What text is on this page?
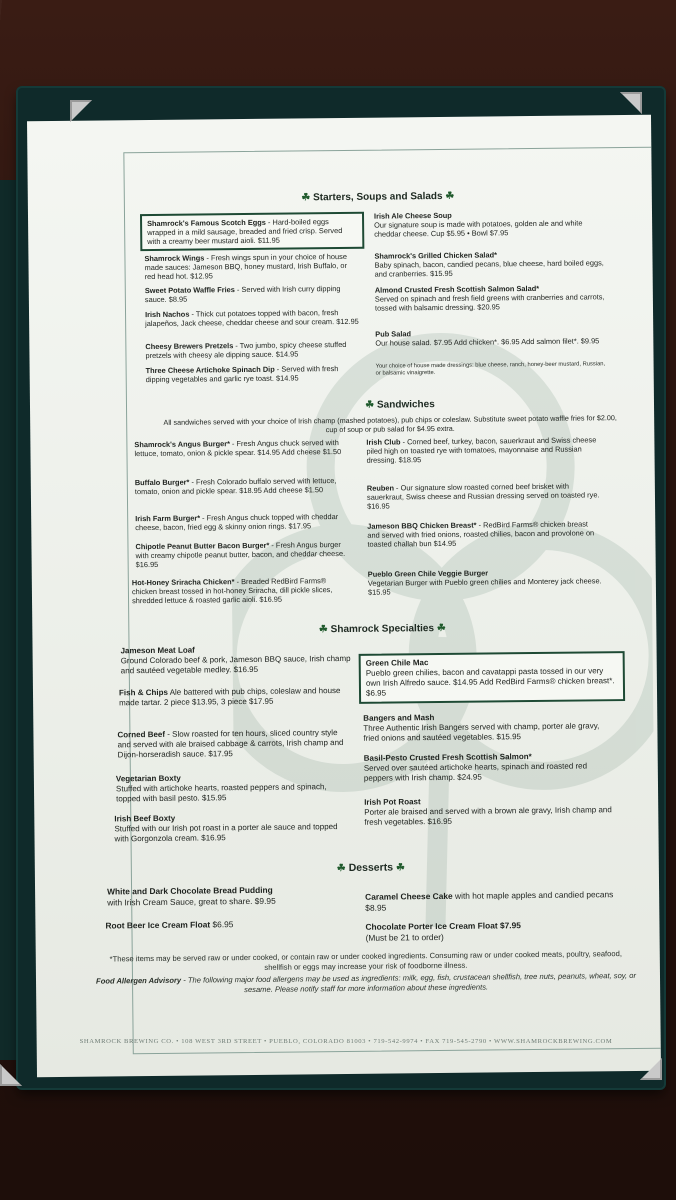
☘ Starters, Soups and Salads ☘
Shamrock's Famous Scotch Eggs - Hard-boiled eggs wrapped in a mild sausage, breaded and fried crisp. Served with a creamy beer mustard aioli. $11.95
Shamrock Wings - Fresh wings spun in your choice of house made sauces: Jameson BBQ, honey mustard, Irish Buffalo, or red head hot. $12.95
Sweet Potato Waffle Fries - Served with Irish curry dipping sauce. $8.95
Irish Nachos - Thick cut potatoes topped with bacon, fresh jalapeños, Jack cheese, cheddar cheese and sour cream. $12.95
Cheesy Brewers Pretzels - Two jumbo, spicy cheese stuffed pretzels with cheesy ale dipping sauce. $14.95
Three Cheese Artichoke Spinach Dip - Served with fresh dipping vegetables and garlic rye toast. $14.95
Irish Ale Cheese Soup
Our signature soup is made with potatoes, golden ale and white cheddar cheese. Cup $5.95 • Bowl $7.95
Shamrock's Grilled Chicken Salad*
Baby spinach, bacon, candied pecans, blue cheese, hard boiled eggs, and cranberries. $15.95
Almond Crusted Fresh Scottish Salmon Salad*
Served on spinach and fresh field greens with cranberries and carrots, tossed with balsamic dressing. $20.95
Pub Salad
Our house salad. $7.95 Add chicken*. $6.95 Add salmon filet*. $9.95
Your choice of house made dressings: blue cheese, ranch, honey-beer mustard, Russian, or balsamic vinaigrette.
☘ Sandwiches
All sandwiches served with your choice of Irish champ (mashed potatoes), pub chips or coleslaw. Substitute sweet potato waffle fries for $2.00, cup of soup or pub salad for $4.95 extra.
Shamrock's Angus Burger* - Fresh Angus chuck served with lettuce, tomato, onion & pickle spear. $14.95 Add cheese $1.50
Buffalo Burger* - Fresh Colorado buffalo served with lettuce, tomato, onion and pickle spear. $18.95 Add cheese $1.50
Irish Farm Burger* - Fresh Angus chuck topped with cheddar cheese, bacon, fried egg & skinny onion rings. $17.95
Chipotle Peanut Butter Bacon Burger* - Fresh Angus burger with creamy chipotle peanut butter, bacon, and cheddar cheese. $16.95
Hot-Honey Sriracha Chicken* - Breaded RedBird Farms® chicken breast tossed in hot-honey Sriracha, dill pickle slices, shredded lettuce & roasted garlic aioli. $16.95
Irish Club - Corned beef, turkey, bacon, sauerkraut and Swiss cheese piled high on toasted rye with tomatoes, mayonnaise and Russian dressing. $18.95
Reuben - Our signature slow roasted corned beef brisket with sauerkraut, Swiss cheese and Russian dressing served on toasted rye. $16.95
Jameson BBQ Chicken Breast* - RedBird Farms® chicken breast and served with fried onions, roasted chilies, bacon and provolone on toasted challah bun $14.95
Pueblo Green Chile Veggie Burger
Vegetarian Burger with Pueblo green chilies and Monterey jack cheese. $15.95
☘ Shamrock Specialties ☘
Jameson Meat Loaf
Ground Colorado beef & pork, Jameson BBQ sauce, Irish champ and sautéed vegetable medley. $16.95
Fish & Chips Ale battered with pub chips, coleslaw and house made tartar. 2 piece $13.95, 3 piece $17.95
Corned Beef - Slow roasted for ten hours, sliced country style and served with ale braised cabbage & carrots, Irish champ and Dijon-horseradish sauce. $17.95
Vegetarian Boxty
Stuffed with artichoke hearts, roasted peppers and spinach, topped with basil pesto. $15.95
Irish Beef Boxty
Stuffed with our Irish pot roast in a porter ale sauce and topped with Gorgonzola cream. $16.95
Green Chile Mac
Pueblo green chilies, bacon and cavatappi pasta tossed in our very own Irish Alfredo sauce. $14.95 Add RedBird Farms® chicken breast*. $6.95
Bangers and Mash
Three Authentic Irish Bangers served with champ, porter ale gravy, fried onions and sautéed vegetables. $15.95
Basil-Pesto Crusted Fresh Scottish Salmon*
Served over sautéed artichoke hearts, spinach and roasted red peppers with Irish champ. $24.95
Irish Pot Roast
Porter ale braised and served with a brown ale gravy, Irish champ and fresh vegetables. $16.95
☘ Desserts ☘
White and Dark Chocolate Bread Pudding
with Irish Cream Sauce, great to share. $9.95
Root Beer Ice Cream Float $6.95
Caramel Cheese Cake with hot maple apples and candied pecans $8.95
Chocolate Porter Ice Cream Float $7.95
(Must be 21 to order)
*These items may be served raw or under cooked, or contain raw or under cooked ingredients. Consuming raw or under cooked meats, poultry, seafood, shellfish or eggs may increase your risk of foodborne illness.
Food Allergen Advisory - The following major food allergens may be used as ingredients: milk, egg, fish, crustacean shellfish, tree nuts, peanuts, wheat, soy, or sesame. Please notify staff for more information about these ingredients.
SHAMROCK BREWING CO. • 108 WEST 3RD STREET • PUEBLO, COLORADO 81003 • 719-542-9974 • FAX 719-545-2790 • WWW.SHAMROCKBREWING.COM
